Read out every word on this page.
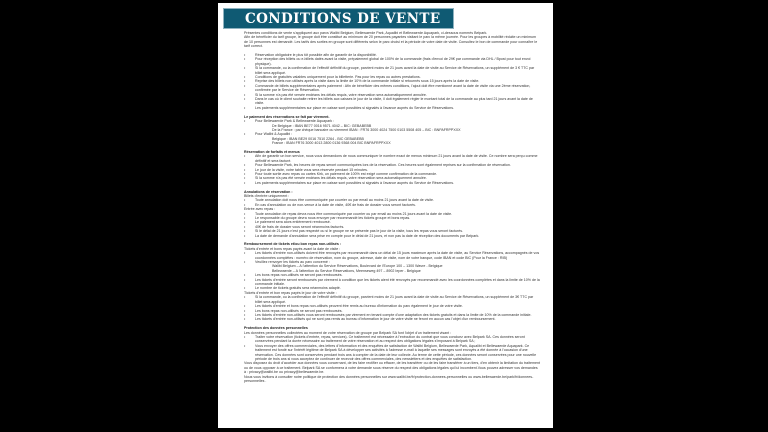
CONDITIONS DE VENTE

Présentes conditions de vente s'appliquent aux parcs Walibi Belgium, Bellewaerde Park, Aqualibi et Bellewaerde Aquapark, ci-dessous nommés Belpark.

Afin de bénéficier du tarif groupe, le groupe doit être constitué au minimum de 20 personnes payantes visitant le parc la même journée. Pour les groupes à mobilité réduite un minimum de 10 personnes est demandé. Les tarifs des sorties en groupe sont différents selon le parc choisi et la période de votre date de visite. Consultez le bon de commande pour connaître le tarif correct.

• Réservation obligatoire le plus tôt possible afin de garantir de la disponibilité.
• Pour réception des billets ou e-billets datés avant la visite, prépaiement global de 100% de la commande (frais d'envoi de 29€ par commande via DHL / Bpost pour tout envoi physique).
• Si la commande, ou la confirmation de l'effectif définitif du groupe, parvient moins de 21 jours avant la date de visite au Service de Réservations, un supplément de 3 € TTC par billet sera appliqué.
• Conditions de gratuités valables uniquement pour la billetterie. Pas pour les repas ou autres prestations.
• Reprise des billets non utilisés après la visite dans la limite de 10% de la commande initiale si retournés sous 15 jours après la date de visite.
• Commande de billets supplémentaires après paiement : Afin de bénéficier des mêmes conditions, l'ajout doit être mentionné avant la date de visite via une 2ème réservation, confirmée par le Service de Réservation.
• Si la somme n'a pas été versée endéans les délais requis, votre réservation sera automatiquement annulée.
• Dans le cas où le client souhaite retirer les billets aux caisses le jour de la visite, il doit également régler le montant total de la commande au plus tard 21 jours avant la date de visite.
• Les paiements supplémentaires sur place en caisse sont possibles si signalés à l'avance auprès du Service de Réservations.

Le paiement des réservations se fait par virement.

• Pour Bellewaerde Park & Bellewaerde Aquapark :
De Belgique : IBAN BE77 0016 9571 4042 – BIC: GEBABEBB
De la France : par chèque bancaire ou virement IBAN : FR76 3000 4024 7500 0103 5508 405 – BIC : BNPAFRPPXXX
• Pour Walibi & Aqualibi :
Belgique : IBAN BE29 0016 7510 2264 - BIC GEBABEBB
France : IBAN FR76 3000 4013 2800 0136 9368 004 BIC BNPAFRPPXXX

Réservation de forfaits et menus

• Afin de garantir un bon service, nous vous demandons de nous communiquer le nombre exact de menus minimum 21 jours avant la date de visite. Ce nombre sera perçu comme définitif et sera facturé.
• Pour Bellewaerde Park, les heures de repas seront communiquées lors de la réservation. Ces heures sont également reprises sur la confirmation de réservation.
• Le jour de la visite, votre table vous sera réservée pendant 15 minutes.
• Pour toute sortie avec repas ou cartes Kirk, un paiement de 100% est exigé comme confirmation de la commande.
• Si la somme n'a pas été versée endéans les délais requis, votre réservation sera automatiquement annulée.
• Les paiements supplémentaires sur place en caisse sont possibles si signalés à l'avance auprès du Service de Réservations.

Annulations de réservation :

Billets d'entrée uniquement :

• Toute annulation doit nous être communiquée par courrier ou par email au moins 21 jours avant la date de visite.
• En cas d'annulation ou de non-venue à la date de visite, 40€ de frais de dossier vous seront facturés.

Entrée avec repas :

• Toute annulation de repas devra nous être communiquée par courrier ou par email au moins 21 jours avant la date de visite.
• Le responsable du groupe devra nous envoyer par recommandé les tickets groupe et bons repas.
• Le paiement sera alors entièrement remboursé.
• 40€ de frais de dossier vous seront néanmoins facturés.
• Si le délai de 21 jours n'est pas respecté ou si le groupe ne se présente pas le jour de la visite, tous les repas vous seront facturés.
• La date de demande d'annulation sera prise en compte pour le délai de 21 jours, et non pas la date de réception des documents par Belpark.

Remboursement de tickets et/ou bon repas non-utilisés :

Tickets d'entrée et bons repas payés avant la date de visite :

• Les tickets d'entrée non-utilisés doivent être renvoyés par recommandé dans un délai de 15 jours maximum après la date de visite, au Service Réservations, accompagnés de vos coordonnées complètes : numéro de réservation, nom du groupe, adresse, date de visite, nom de votre banque, code IBAN et code BIC (Pour la France : RIB)
• Veuillez renvoyer les tickets au parc concerné :
Walibi Belgium – A l'attention du Service Réservations, Boulevard de l'Europe 100 – 1300 Wavre - Belgique
Bellewaerde – A l'attention du Service Réservations, Meenseweg 497 – 8902 Ieper - Belgique
• Les bons repas non-utilisés ne seront pas remboursés.
• Les tickets d'entrée seront remboursés par virement à condition que les tickets aient été renvoyés par recommandé avec les coordonnées complètes et dans la limite de 10% de la commande initiale.
• Le nombre de tickets gratuits sera néanmoins adapté.

Tickets d'entrée et bon repas payés le jour de votre visite :

• Si la commande, ou la confirmation de l'effectif définitif du groupe, parvient moins de 21 jours avant la date de visite au Service de Réservations, un supplément de 3€ TTC par billet sera appliqué.
• Les tickets d'entrée et bons repas non-utilisés peuvent être remis au bureau d'information du parc également le jour de votre visite.
• Les bons repas non-utilisés ne seront pas remboursés.
• Les tickets d'entrée non-utilisés vous seront remboursés par virement en tenant compte d'une adaptation des tickets gratuits et dans la limite de 10% de la commande initiale.
• Les tickets d'entrée non-utilisés qui ne sont pas remis au bureau d'information le jour de votre visite ne feront en aucun cas l'objet d'un remboursement.

Protection des données personnelles

Les données personnelles collectées au moment de votre réservation de groupe par Belpark SA font l'objet d'un traitement visant :

• Traiter votre réservation (tickets d'entrée, repas, services). Ce traitement est nécessaire à l'exécution du contrat que vous concluez avec Belpark SA. Ces données seront conservées pendant la durée nécessaire au traitement de votre réservation et au respect des obligations légales s'imposant à Belpark SA ;
• Vous envoyer des offres commerciales, des lettres d'information et des enquêtes de satisfaction de Walibi Belgium, Bellewaerde Park, Aqualibi et Bellewaerde Aquapark. Ce traitement est fondé sur l'intérêt légitime de Belpark SA à développer ses activités à l'adresse e-mail à laquelle ses messages sont envoyés a été donnée à l'occasion d'une réservation. Ces données sont conservées pendant trois ans à compter de la date de leur collecte. Au terme de cette période, ces données seront conservées pour une nouvelle période de trois ans si vous acceptez de continuer de recevoir des offres commerciales, des newsletters et des enquêtes de satisfaction.

Vous disposez du droit d'accéder aux données vous concernant, de les faire rectifier ou effacer, de les transférer ou de les faire transférer à un tiers, d'en obtenir la limitation du traitement ou de vous opposer à ce traitement. Belpark SA se conformera à votre demande sous réserve du respect des obligations légales qui lui incombent.Vous pouvez adresser vos demandes à : privacy@walibi.be ou privacy@bellewaerde.be.

Nous vous invitons à consulter notre politique de protection des données personnelles sur www.walibi.be/fr/protection-donnees-personnelles ou www.bellewaerde.be/park/fr/donnees-personnelles .
